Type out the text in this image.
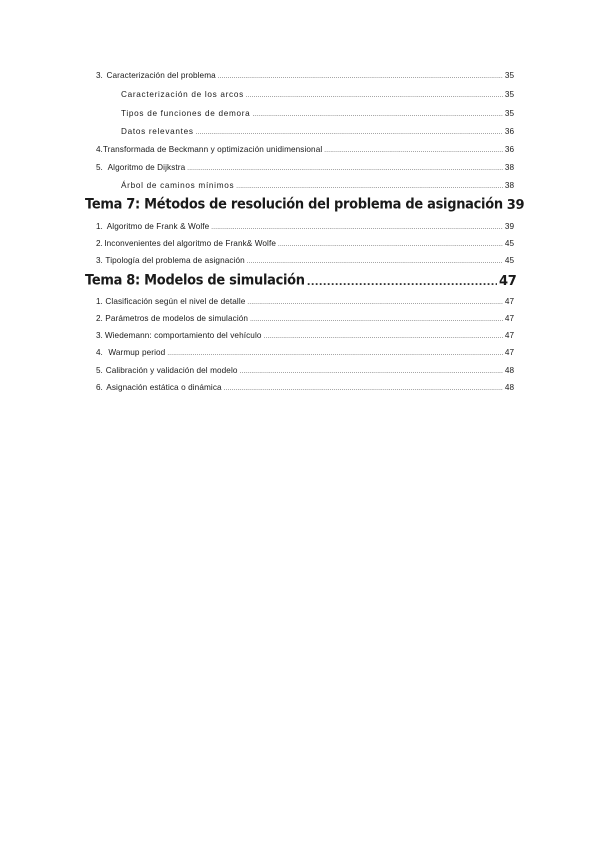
3. Caracterización del problema .....	35
Caracterización de los arcos .....	35
Tipos de funciones de demora .....	35
Datos relevantes .....	36
4. Transformada de Beckmann y optimización unidimensional .....	36
5. Algoritmo de Dijkstra .....	38
Árbol de caminos mínimos .....	38
Tema 7: Métodos de resolución del problema de asignación 39
1. Algoritmo de Frank & Wolfe .....	39
2. Inconvenientes del algoritmo de Frank& Wolfe .....	45
3. Tipología del problema de asignación .....	45
Tema 8: Modelos de simulación .....	47
1. Clasificación según el nivel de detalle .....	47
2. Parámetros de modelos de simulación .....	47
3. Wiedemann: comportamiento del vehículo .....	47
4. Warmup period .....	47
5. Calibración y validación del modelo .....	48
6. Asignación estática o dinámica .....	48
